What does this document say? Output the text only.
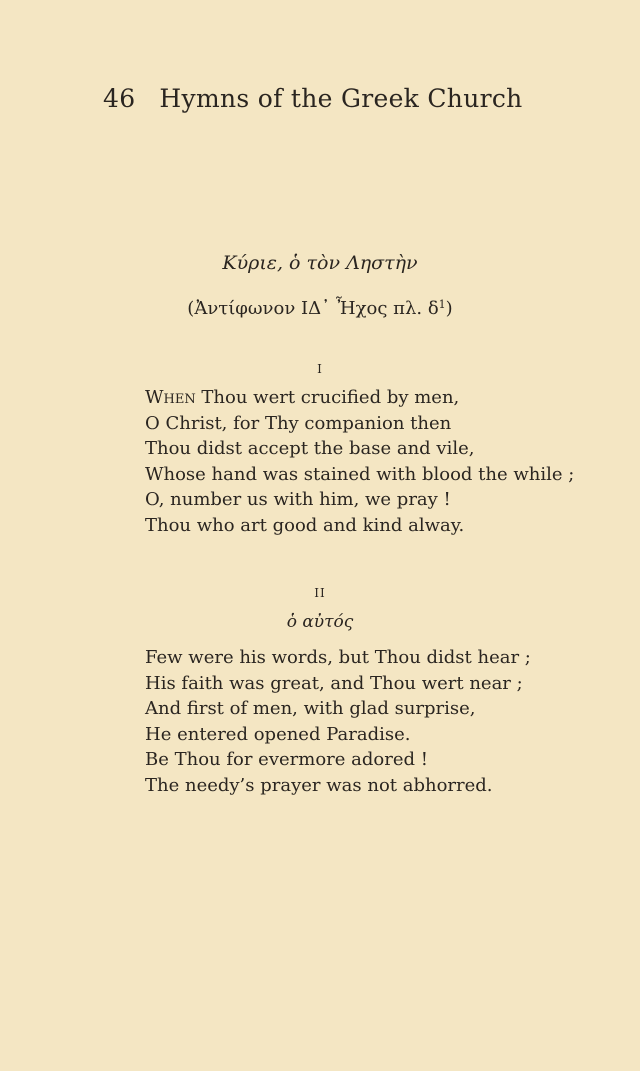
46 Hymns of the Greek Church
Κύριε, ὁ τὸν Ληστὴν
(Ἀντίφωνον ΙΔ᾽ Ἦχος πλ. $\delta^1$)
I
When Thou wert crucified by men,
O Christ, for Thy companion then
Thou didst accept the base and vile,
Whose hand was stained with blood the while ;
O, number us with him, we pray !
Thou who art good and kind alway.
II
ὁ αὐτός
Few were his words, but Thou didst hear ;
His faith was great, and Thou wert near ;
And first of men, with glad surprise,
He entered opened Paradise.
Be Thou for evermore adored !
The needy’s prayer was not abhorred.
